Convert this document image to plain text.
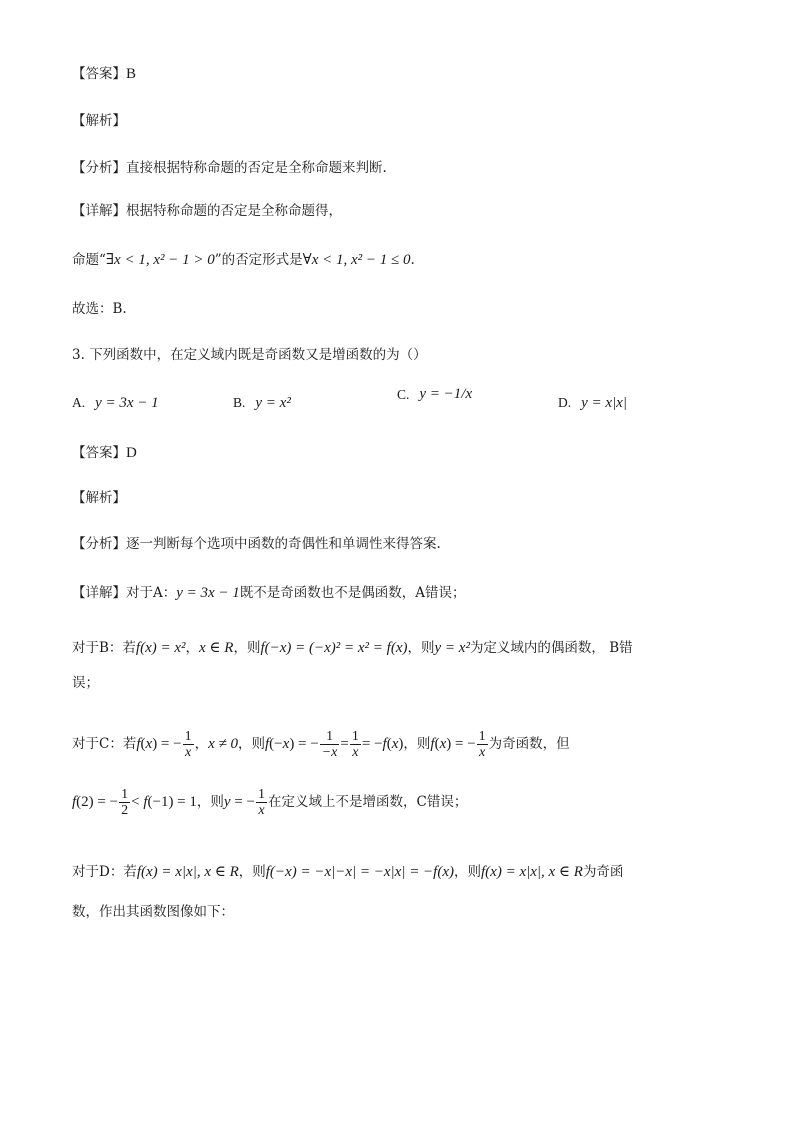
【答案】B
【解析】
【分析】直接根据特称命题的否定是全称命题来判断.
【详解】根据特称命题的否定是全称命题得，
命题“∃x < 1, x² − 1 > 0”的否定形式是∀x < 1, x² − 1 ≤ 0.
故选：B.
3. 下列函数中，在定义域内既是奇函数又是增函数的为（）
A. y = 3x − 1	B. y = x²
C. y = −1/x
D. y = x|x|
【答案】D
【解析】
【分析】逐一判断每个选项中函数的奇偶性和单调性来得答案.
【详解】对于A：y = 3x − 1既不是奇函数也不是偶函数，A错误；
对于B：若f(x) = x²，x ∈ R，则f(−x) = (−x)² = x² = f(x)，则y = x²为定义域内的偶函数， B错
误；
对于C：若f(x) = − $\frac{1}{x}$ ，x ≠ 0，则f(−x) = − $\frac{1}{-x} = \frac{1}{x} = -f(x)$，则f(x) = − $\frac{1}{x}$ 为奇函数，但
f(2) = − $\frac{1}{2} < f(-1) = 1$，则y = − $\frac{1}{x}$ 在定义域上不是增函数，C错误；
对于D：若f(x) = x|x|, x ∈ R，则f(−x) = −x|−x| = −x|x| = −f(x)，则f(x) = x|x|, x ∈ R为奇函
数，作出其函数图像如下：
